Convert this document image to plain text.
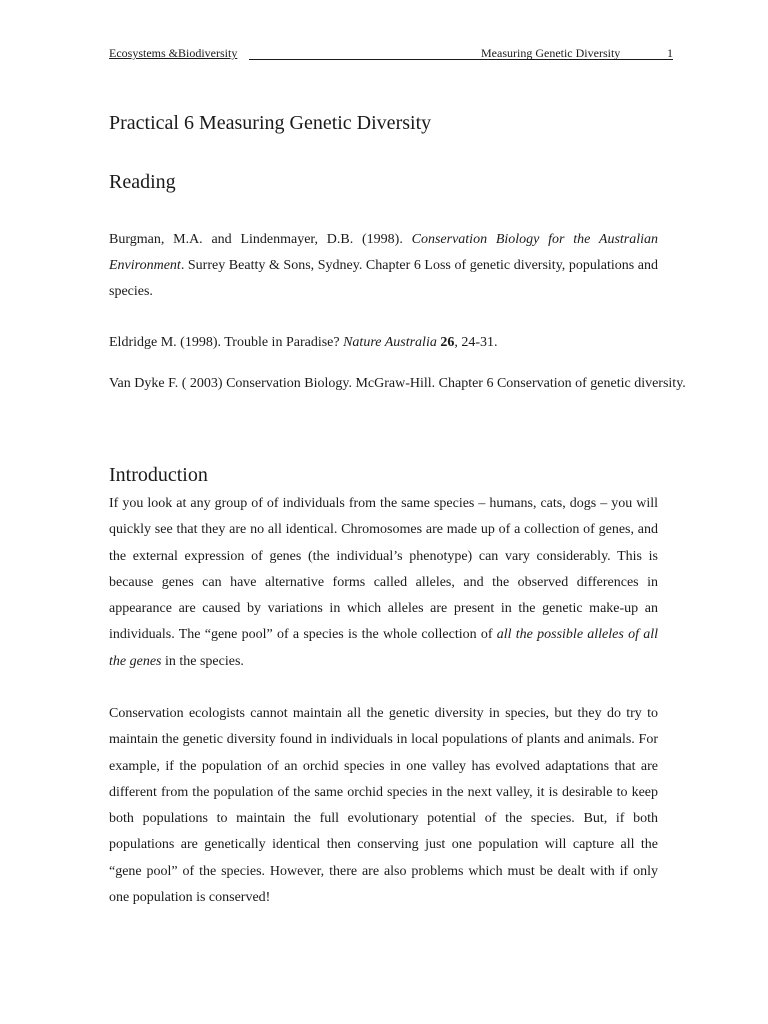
Ecosystems &Biodiversity	Measuring Genetic Diversity	1
Practical 6 Measuring Genetic Diversity
Reading

Burgman, M.A. and Lindenmayer, D.B. (1998). Conservation Biology for the Australian Environment. Surrey Beatty & Sons, Sydney. Chapter 6 Loss of genetic diversity, populations and species.

Eldridge M. (1998). Trouble in Paradise? Nature Australia 26, 24-31.

Van Dyke F. ( 2003) Conservation Biology. McGraw-Hill. Chapter 6 Conservation of genetic diversity.

Introduction

If you look at any group of of individuals from the same species – humans, cats, dogs – you will quickly see that they are no all identical. Chromosomes are made up of a collection of genes, and the external expression of genes (the individual’s phenotype) can vary considerably. This is because genes can have alternative forms called alleles, and the observed differences in appearance are caused by variations in which alleles are present in the genetic make-up an individuals. The “gene pool” of a species is the whole collection of all the possible alleles of all the genes in the species.

Conservation ecologists cannot maintain all the genetic diversity in species, but they do try to maintain the genetic diversity found in individuals in local populations of plants and animals. For example, if the population of an orchid species in one valley has evolved adaptations that are different from the population of the same orchid species in the next valley, it is desirable to keep both populations to maintain the full evolutionary potential of the species. But, if both populations are genetically identical then conserving just one population will capture all the “gene pool” of the species. However, there are also problems which must be dealt with if only one population is conserved!
